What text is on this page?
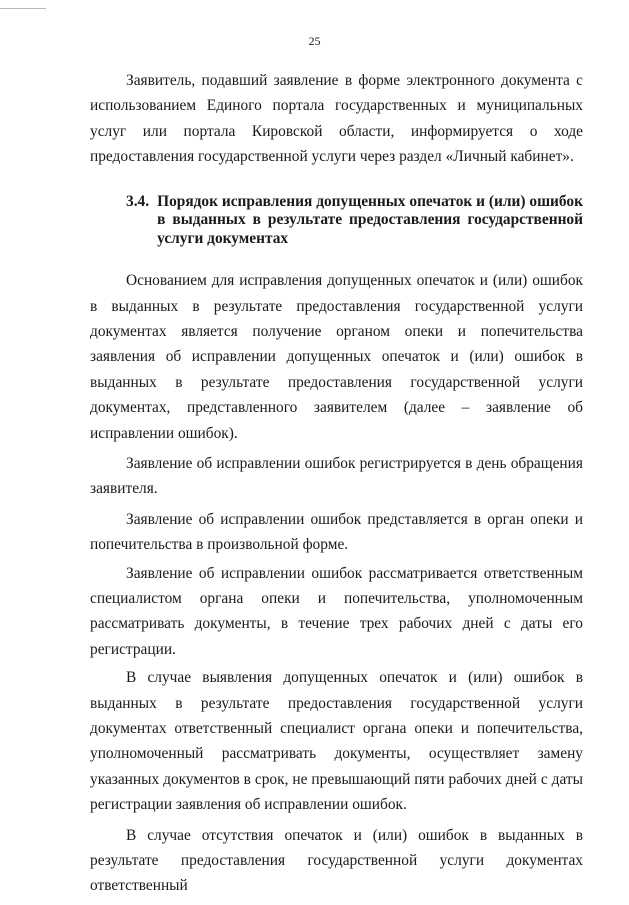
25

Заявитель, подавший заявление в форме электронного документа с использованием Единого портала государственных и муниципальных услуг или портала Кировской области, информируется о ходе предоставления государственной услуги через раздел «Личный кабинет».

3.4. Порядок исправления допущенных опечаток и (или) ошибок в выданных в результате предоставления государственной услуги документах

Основанием для исправления допущенных опечаток и (или) ошибок в выданных в результате предоставления государственной услуги документах является получение органом опеки и попечительства заявления об исправлении допущенных опечаток и (или) ошибок в выданных в результате предоставления государственной услуги документах, представленного заявителем (далее – заявление об исправлении ошибок).

Заявление об исправлении ошибок регистрируется в день обращения заявителя.

Заявление об исправлении ошибок представляется в орган опеки и попечительства в произвольной форме.

Заявление об исправлении ошибок рассматривается ответственным специалистом органа опеки и попечительства, уполномоченным рассматривать документы, в течение трех рабочих дней с даты его регистрации.

В случае выявления допущенных опечаток и (или) ошибок в выданных в результате предоставления государственной услуги документах ответственный специалист органа опеки и попечительства, уполномоченный рассматривать документы, осуществляет замену указанных документов в срок, не превышающий пяти рабочих дней с даты регистрации заявления об исправлении ошибок.

В случае отсутствия опечаток и (или) ошибок в выданных в результате предоставления государственной услуги документах ответственный
